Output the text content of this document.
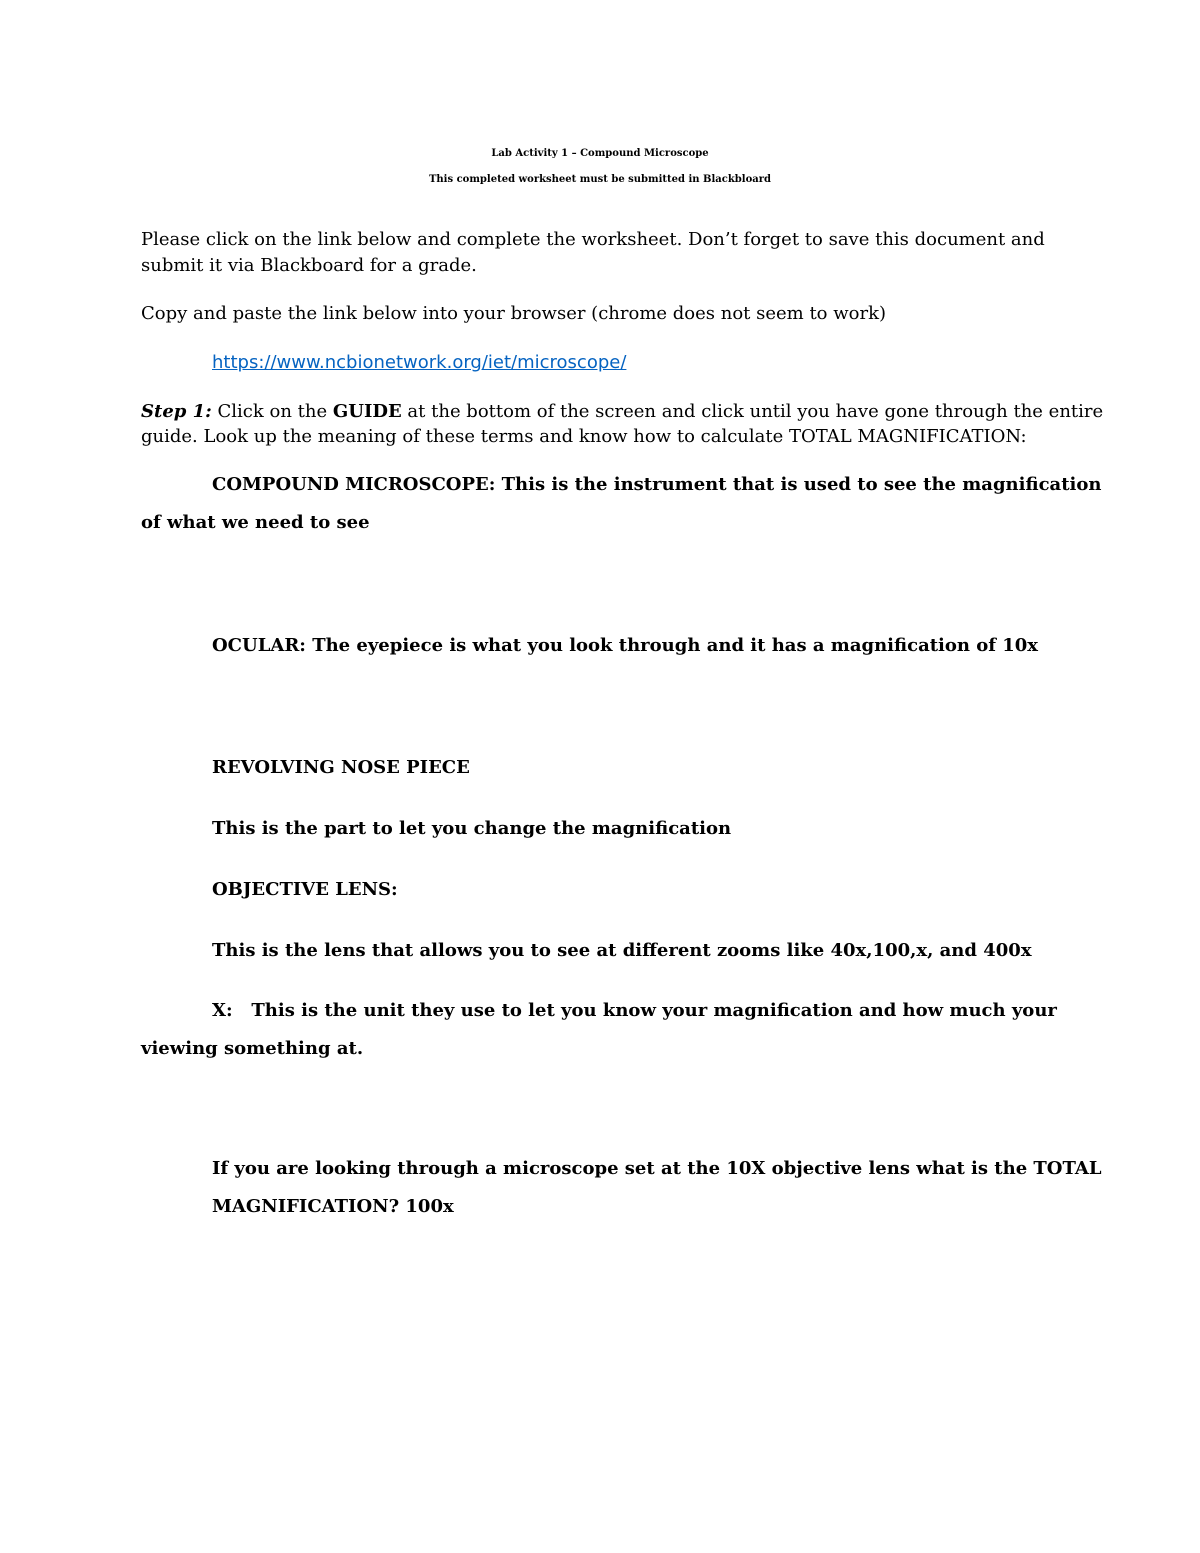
Lab Activity 1 – Compound Microscope
This completed worksheet must be submitted in Blackbloard
Please click on the link below and complete the worksheet. Don’t forget to save this document and
submit it via Blackboard for a grade.
Copy and paste the link below into your browser (chrome does not seem to work)
https://www.ncbionetwork.org/iet/microscope/
Step 1: Click on the GUIDE at the bottom of the screen and click until you have gone through the entire
guide. Look up the meaning of these terms and know how to calculate TOTAL MAGNIFICATION:
COMPOUND MICROSCOPE: This is the instrument that is used to see the magnification
of what we need to see
OCULAR: The eyepiece is what you look through and it has a magnification of 10x
REVOLVING NOSE PIECE
This is the part to let you change the magnification
OBJECTIVE LENS:
This is the lens that allows you to see at different zooms like 40x,100,x, and 400x
X:   This is the unit they use to let you know your magnification and how much your
viewing something at.
If you are looking through a microscope set at the 10X objective lens what is the TOTAL
MAGNIFICATION? 100x
